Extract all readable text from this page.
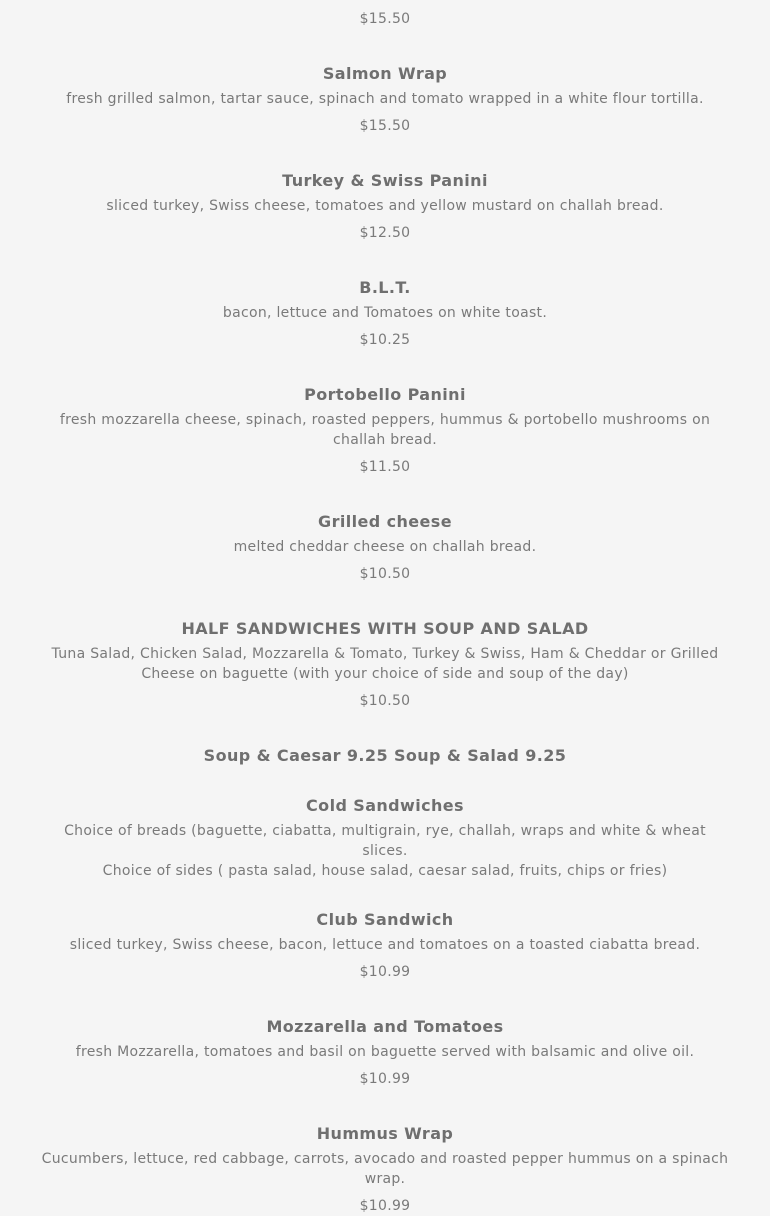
$15.50
Salmon Wrap
fresh grilled salmon, tartar sauce, spinach and tomato wrapped in a white flour tortilla.
$15.50
Turkey & Swiss Panini
sliced turkey, Swiss cheese, tomatoes and yellow mustard on challah bread.
$12.50
B.L.T.
bacon, lettuce and Tomatoes on white toast.
$10.25
Portobello Panini
fresh mozzarella cheese, spinach, roasted peppers, hummus & portobello mushrooms on challah bread.
$11.50
Grilled cheese
melted cheddar cheese on challah bread.
$10.50
HALF SANDWICHES WITH SOUP AND SALAD
Tuna Salad, Chicken Salad, Mozzarella & Tomato, Turkey & Swiss, Ham & Cheddar or Grilled Cheese on baguette (with your choice of side and soup of the day)
$10.50
Soup & Caesar 9.25 Soup & Salad 9.25
Cold Sandwiches
Choice of breads (baguette, ciabatta, multigrain, rye, challah, wraps and white & wheat slices.
Choice of sides ( pasta salad, house salad, caesar salad, fruits, chips or fries)
Club Sandwich
sliced turkey, Swiss cheese, bacon, lettuce and tomatoes on a toasted ciabatta bread.
$10.99
Mozzarella and Tomatoes
fresh Mozzarella, tomatoes and basil on baguette served with balsamic and olive oil.
$10.99
Hummus Wrap
Cucumbers, lettuce, red cabbage, carrots, avocado and roasted pepper hummus on a spinach wrap.
$10.99
